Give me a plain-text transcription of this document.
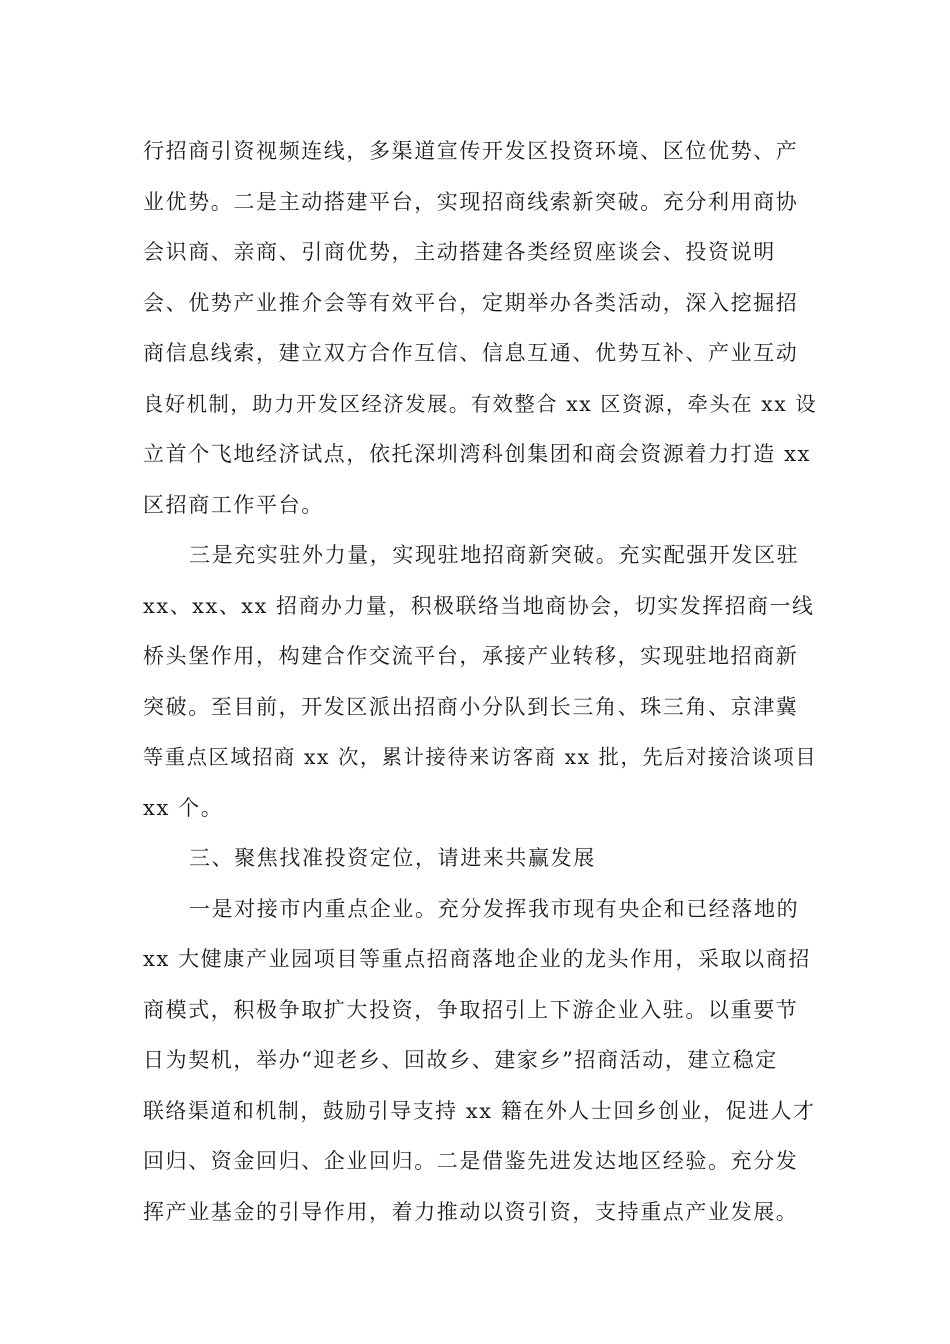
行招商引资视频连线，多渠道宣传开发区投资环境、区位优势、产
业优势。二是主动搭建平台，实现招商线索新突破。充分利用商协
会识商、亲商、引商优势，主动搭建各类经贸座谈会、投资说明
会、优势产业推介会等有效平台，定期举办各类活动，深入挖掘招
商信息线索，建立双方合作互信、信息互通、优势互补、产业互动
良好机制，助力开发区经济发展。有效整合 xx 区资源，牵头在 xx 设
立首个飞地经济试点，依托深圳湾科创集团和商会资源着力打造 xx
区招商工作平台。
三是充实驻外力量，实现驻地招商新突破。充实配强开发区驻
xx、xx、xx 招商办力量，积极联络当地商协会，切实发挥招商一线
桥头堡作用，构建合作交流平台，承接产业转移，实现驻地招商新
突破。至目前，开发区派出招商小分队到长三角、珠三角、京津冀
等重点区域招商 xx 次，累计接待来访客商 xx 批，先后对接洽谈项目
xx 个。
三、聚焦找准投资定位，请进来共赢发展
一是对接市内重点企业。充分发挥我市现有央企和已经落地的
xx 大健康产业园项目等重点招商落地企业的龙头作用，采取以商招
商模式，积极争取扩大投资，争取招引上下游企业入驻。以重要节
日为契机，举办“迎老乡、回故乡、建家乡”招商活动，建立稳定
联络渠道和机制，鼓励引导支持 xx 籍在外人士回乡创业，促进人才
回归、资金回归、企业回归。二是借鉴先进发达地区经验。充分发
挥产业基金的引导作用，着力推动以资引资，支持重点产业发展。
